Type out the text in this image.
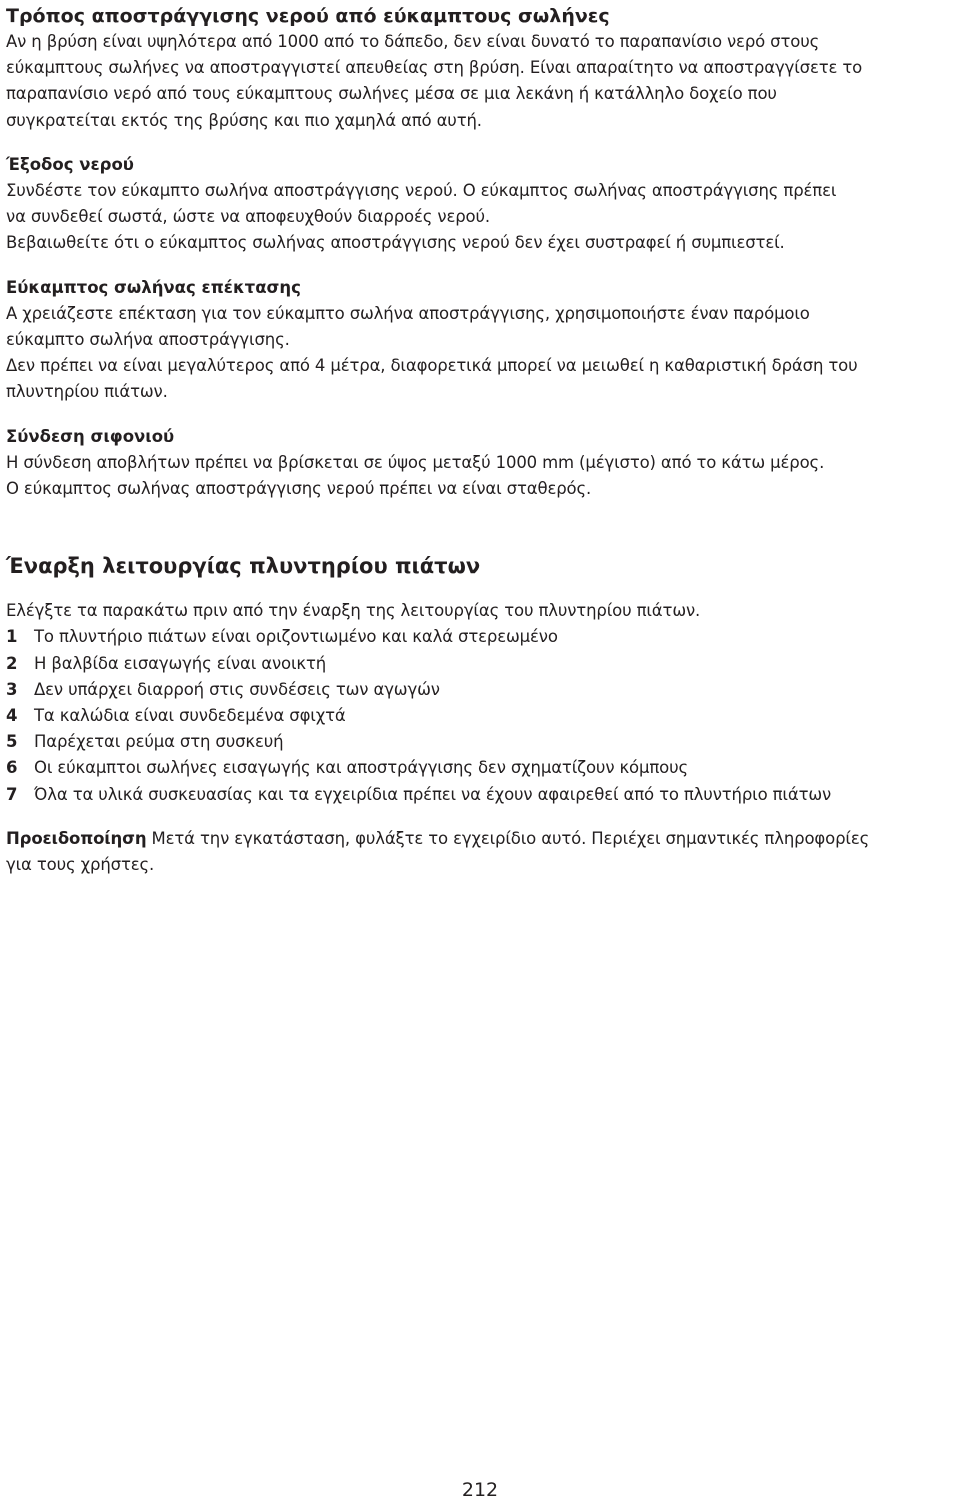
Τρόπος αποστράγγισης νερού από εύκαμπτους σωλήνες

Αν η βρύση είναι υψηλότερα από 1000 από το δάπεδο, δεν είναι δυνατό το παραπανίσιο νερό στους

εύκαμπτους σωλήνες να αποστραγγιστεί απευθείας στη βρύση. Είναι απαραίτητο να αποστραγγίσετε το

παραπανίσιο νερό από τους εύκαμπτους σωλήνες μέσα σε μια λεκάνη ή κατάλληλο δοχείο που

συγκρατείται εκτός της βρύσης και πιο χαμηλά από αυτή.

Έξοδος νερού

Συνδέστε τον εύκαμπτο σωλήνα αποστράγγισης νερού. Ο εύκαμπτος σωλήνας αποστράγγισης πρέπει

να συνδεθεί σωστά, ώστε να αποφευχθούν διαρροές νερού.

Βεβαιωθείτε ότι ο εύκαμπτος σωλήνας αποστράγγισης νερού δεν έχει συστραφεί ή συμπιεστεί.

Εύκαμπτος σωλήνας επέκτασης

Α χρειάζεστε επέκταση για τον εύκαμπτο σωλήνα αποστράγγισης, χρησιμοποιήστε έναν παρόμοιο

εύκαμπτο σωλήνα αποστράγγισης.

Δεν πρέπει να είναι μεγαλύτερος από 4 μέτρα, διαφορετικά μπορεί να μειωθεί η καθαριστική δράση του

πλυντηρίου πιάτων.

Σύνδεση σιφονιού

Η σύνδεση αποβλήτων πρέπει να βρίσκεται σε ύψος μεταξύ 1000 mm (μέγιστο) από το κάτω μέρος.

Ο εύκαμπτος σωλήνας αποστράγγισης νερού πρέπει να είναι σταθερός.

Έναρξη λειτουργίας πλυντηρίου πιάτων

Ελέγξτε τα παρακάτω πριν από την έναρξη της λειτουργίας του πλυντηρίου πιάτων.

1	Το πλυντήριο πιάτων είναι οριζοντιωμένο και καλά στερεωμένο
2	Η βαλβίδα εισαγωγής είναι ανοικτή
3	Δεν υπάρχει διαρροή στις συνδέσεις των αγωγών
4	Τα καλώδια είναι συνδεδεμένα σφιχτά
5	Παρέχεται ρεύμα στη συσκευή
6	Οι εύκαμπτοι σωλήνες εισαγωγής και αποστράγγισης δεν σχηματίζουν κόμπους
7	Όλα τα υλικά συσκευασίας και τα εγχειρίδια πρέπει να έχουν αφαιρεθεί από το πλυντήριο πιάτων

Προειδοποίηση Μετά την εγκατάσταση, φυλάξτε το εγχειρίδιο αυτό. Περιέχει σημαντικές πληροφορίες

για τους χρήστες.

212
